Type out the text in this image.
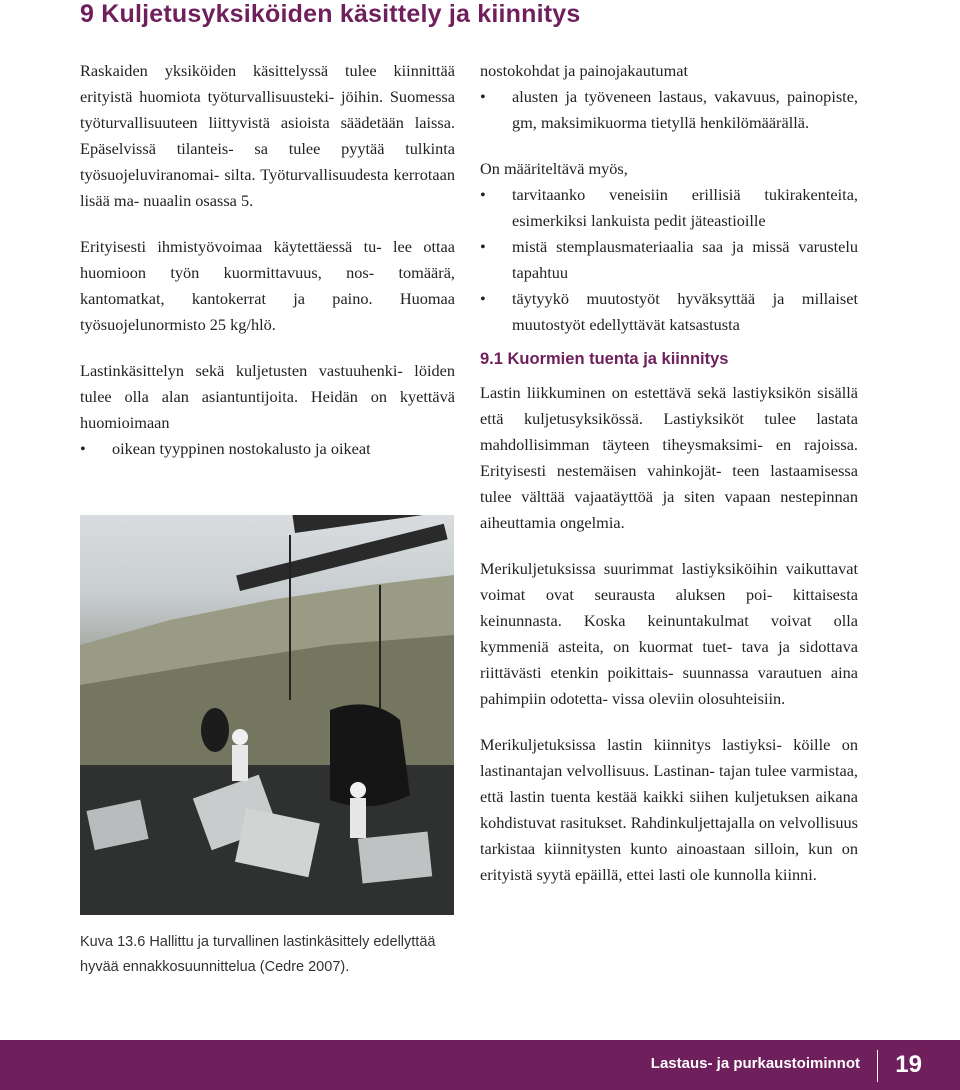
9 Kuljetusyksiköiden käsittely ja kiinnitys

Raskaiden yksiköiden käsittelyssä tulee kiinnittää erityistä huomiota työturvallisuusteki- jöihin. Suomessa työturvallisuuteen liittyvistä asioista säädetään laissa. Epäselvissä tilanteis- sa tulee pyytää tulkinta työsuojeluviranomai- silta. Työturvallisuudesta kerrotaan lisää ma- nuaalin osassa 5.

Erityisesti ihmistyövoimaa käytettäessä tu- lee ottaa huomioon työn kuormittavuus, nos- tomäärä, kantomatkat, kantokerrat ja paino. Huomaa työsuojelunormisto 25 kg/hlö.

Lastinkäsittelyn sekä kuljetusten vastuuhenki- löiden tulee olla alan asiantuntijoita. Heidän on kyettävä huomioimaan

• oikean tyyppinen nostokalusto ja oikeat
Kuva 13.6 Hallittu ja turvallinen lastinkäsittely edellyttää hyvää ennakkosuunnittelua (Cedre 2007).
nostokohdat ja painojakautumat
• alusten ja työveneen lastaus, vakavuus, painopiste, gm, maksimikuorma tietyllä henkilömäärällä.
On määriteltävä myös,
• tarvitaanko veneisiin erillisiä tukirakenteita, esimerkiksi lankuista pedit jäteastioille
• mistä stemplausmateriaalia saa ja missä varustelu tapahtuu
• täytyykö muutostyöt hyväksyttää ja millaiset muutostyöt edellyttävät katsastusta
9.1 Kuormien tuenta ja kiinnitys

Lastin liikkuminen on estettävä sekä lastiyksikön sisällä että kuljetusyksikössä. Lastiyksiköt tulee lastata mahdollisimman täyteen tiheysmaksimi- en rajoissa. Erityisesti nestemäisen vahinkojät- teen lastaamisessa tulee välttää vajaatäyttöä ja siten vapaan nestepinnan aiheuttamia ongelmia.

Merikuljetuksissa suurimmat lastiyksiköihin vaikuttavat voimat ovat seurausta aluksen poi- kittaisesta keinunnasta. Koska keinuntakulmat voivat olla kymmeniä asteita, on kuormat tuet- tava ja sidottava riittävästi etenkin poikittais- suunnassa varautuen aina pahimpiin odotetta- vissa oleviin olosuhteisiin.

Merikuljetuksissa lastin kiinnitys lastiyksi- köille on lastinantajan velvollisuus. Lastinan- tajan tulee varmistaa, että lastin tuenta kestää kaikki siihen kuljetuksen aikana kohdistuvat rasitukset. Rahdinkuljettajalla on velvollisuus tarkistaa kiinnitysten kunto ainoastaan silloin, kun on erityistä syytä epäillä, ettei lasti ole kunnolla kiinni.

Lastaus- ja purkaustoiminnot 19
